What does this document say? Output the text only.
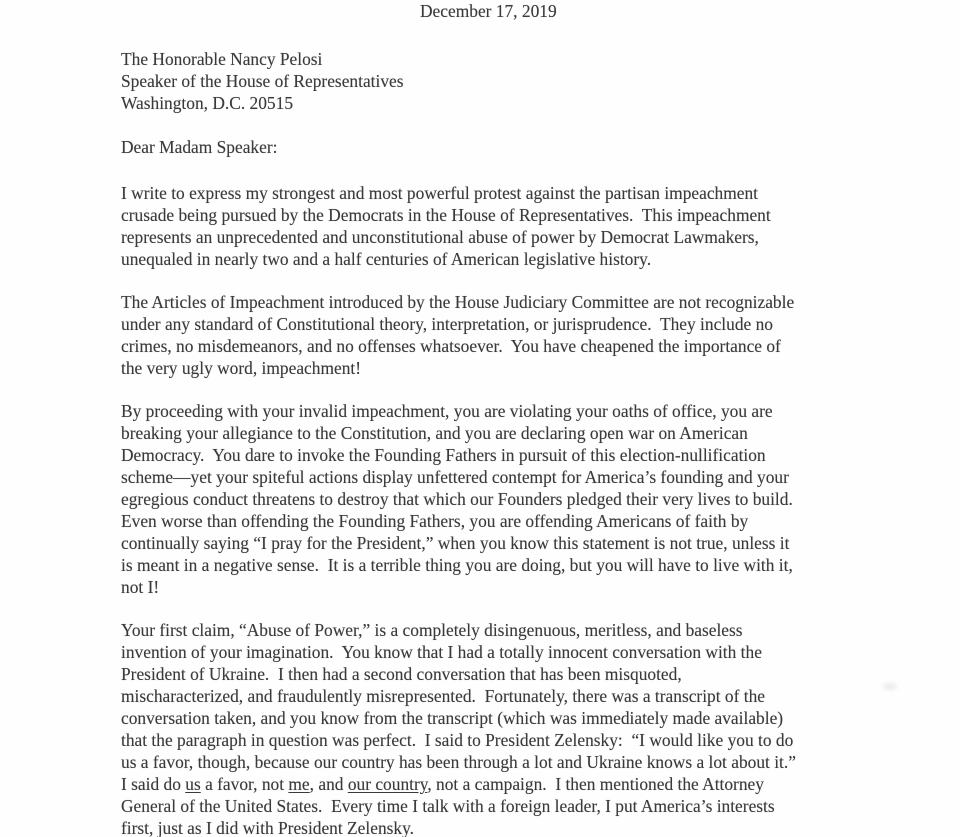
December 17, 2019
The Honorable Nancy Pelosi
Speaker of the House of Representatives
Washington, D.C. 20515
Dear Madam Speaker:
I write to express my strongest and most powerful protest against the partisan impeachment
crusade being pursued by the Democrats in the House of Representatives.  This impeachment
represents an unprecedented and unconstitutional abuse of power by Democrat Lawmakers,
unequaled in nearly two and a half centuries of American legislative history.
The Articles of Impeachment introduced by the House Judiciary Committee are not recognizable
under any standard of Constitutional theory, interpretation, or jurisprudence.  They include no
crimes, no misdemeanors, and no offenses whatsoever.  You have cheapened the importance of
the very ugly word, impeachment!
By proceeding with your invalid impeachment, you are violating your oaths of office, you are
breaking your allegiance to the Constitution, and you are declaring open war on American
Democracy.  You dare to invoke the Founding Fathers in pursuit of this election-nullification
scheme—yet your spiteful actions display unfettered contempt for America’s founding and your
egregious conduct threatens to destroy that which our Founders pledged their very lives to build.
Even worse than offending the Founding Fathers, you are offending Americans of faith by
continually saying “I pray for the President,” when you know this statement is not true, unless it
is meant in a negative sense.  It is a terrible thing you are doing, but you will have to live with it,
not I!
Your first claim, “Abuse of Power,” is a completely disingenuous, meritless, and baseless
invention of your imagination.  You know that I had a totally innocent conversation with the
President of Ukraine.  I then had a second conversation that has been misquoted,
mischaracterized, and fraudulently misrepresented.  Fortunately, there was a transcript of the
conversation taken, and you know from the transcript (which was immediately made available)
that the paragraph in question was perfect.  I said to President Zelensky:  “I would like you to do
us a favor, though, because our country has been through a lot and Ukraine knows a lot about it.”
I said do us a favor, not me, and our country, not a campaign.  I then mentioned the Attorney
General of the United States.  Every time I talk with a foreign leader, I put America’s interests
first, just as I did with President Zelensky.
